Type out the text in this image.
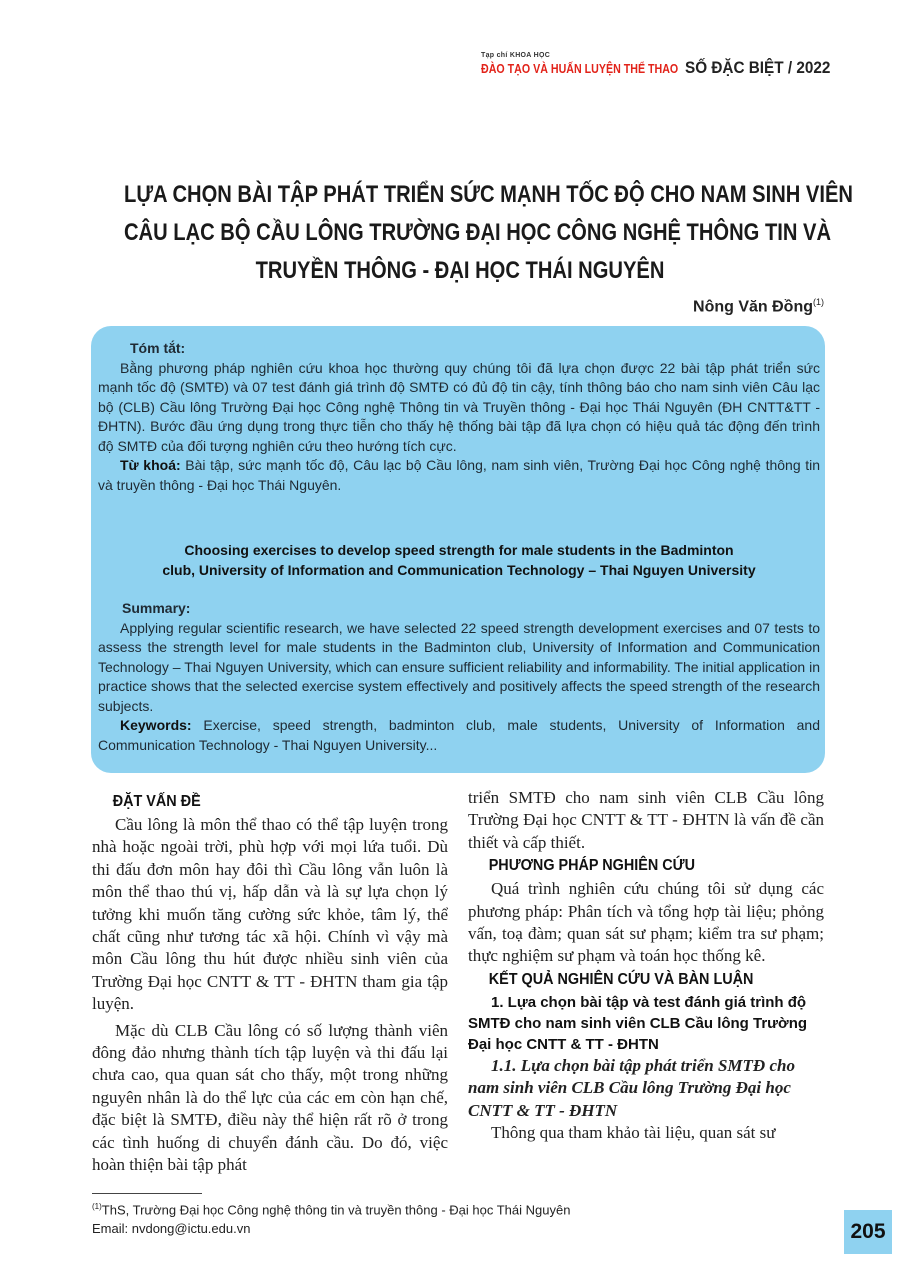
Tạp chí KHOA HỌC
ĐÀO TẠO VÀ HUẤN LUYỆN THỂ THAO SỐ ĐẶC BIỆT / 2022
LỰA CHỌN BÀI TẬP PHÁT TRIỂN SỨC MẠNH TỐC ĐỘ CHO NAM SINH VIÊN
CÂU LẠC BỘ CẦU LÔNG TRƯỜNG ĐẠI HỌC CÔNG NGHỆ THÔNG TIN VÀ
TRUYỀN THÔNG - ĐẠI HỌC THÁI NGUYÊN
Nông Văn Đồng$^{(1)}$
Tóm tắt:
Bằng phương pháp nghiên cứu khoa học thường quy chúng tôi đã lựa chọn được 22 bài tập phát triển sức mạnh tốc độ (SMTĐ) và 07 test đánh giá trình độ SMTĐ có đủ độ tin cậy, tính thông báo cho nam sinh viên Câu lạc bộ (CLB) Cầu lông Trường Đại học Công nghệ Thông tin và Truyền thông - Đại học Thái Nguyên (ĐH CNTT&TT - ĐHTN). Bước đầu ứng dụng trong thực tiễn cho thấy hệ thống bài tập đã lựa chọn có hiệu quả tác động đến trình độ SMTĐ của đối tượng nghiên cứu theo hướng tích cực.
Từ khoá: Bài tập, sức mạnh tốc độ, Câu lạc bộ Cầu lông, nam sinh viên, Trường Đại học Công nghệ thông tin và truyền thông - Đại học Thái Nguyên.
Choosing exercises to develop speed strength for male students in the Badminton
club, University of Information and Communication Technology – Thai Nguyen University
Summary:
Applying regular scientific research, we have selected 22 speed strength development exercises and 07 tests to assess the strength level for male students in the Badminton club, University of Information and Communication Technology – Thai Nguyen University, which can ensure sufficient reliability and informability. The initial application in practice shows that the selected exercise system effectively and positively affects the speed strength of the research subjects.
Keywords: Exercise, speed strength, badminton club, male students, University of Information and Communication Technology - Thai Nguyen University...
ĐẶT VẤN ĐỀ

Cầu lông là môn thể thao có thể tập luyện trong nhà hoặc ngoài trời, phù hợp với mọi lứa tuổi. Dù thi đấu đơn môn hay đôi thì Cầu lông vẫn luôn là môn thể thao thú vị, hấp dẫn và là sự lựa chọn lý tưởng khi muốn tăng cường sức khỏe, tâm lý, thể chất cũng như tương tác xã hội. Chính vì vậy mà môn Cầu lông thu hút được nhiều sinh viên của Trường Đại học CNTT & TT - ĐHTN tham gia tập luyện.

Mặc dù CLB Cầu lông có số lượng thành viên đông đảo nhưng thành tích tập luyện và thi đấu lại chưa cao, qua quan sát cho thấy, một trong những nguyên nhân là do thể lực của các em còn hạn chế, đặc biệt là SMTĐ, điều này thể hiện rất rõ ở trong các tình huống di chuyển đánh cầu. Do đó, việc hoàn thiện bài tập phát

triển SMTĐ cho nam sinh viên CLB Cầu lông Trường Đại học CNTT & TT - ĐHTN là vấn đề cần thiết và cấp thiết.

PHƯƠNG PHÁP NGHIÊN CỨU

Quá trình nghiên cứu chúng tôi sử dụng các phương pháp: Phân tích và tổng hợp tài liệu; phỏng vấn, toạ đàm; quan sát sư phạm; kiểm tra sư phạm; thực nghiệm sư phạm và toán học thống kê.

KẾT QUẢ NGHIÊN CỨU VÀ BÀN LUẬN
1. Lựa chọn bài tập và test đánh giá trình độ SMTĐ cho nam sinh viên CLB Cầu lông Trường Đại học CNTT & TT - ĐHTN

1.1. Lựa chọn bài tập phát triển SMTĐ cho nam sinh viên CLB Cầu lông Trường Đại học CNTT & TT - ĐHTN

Thông qua tham khảo tài liệu, quan sát sư

$^{(1)}$ThS, Trường Đại học Công nghệ thông tin và truyền thông - Đại học Thái Nguyên
Email: nvdong@ictu.edu.vn	205
